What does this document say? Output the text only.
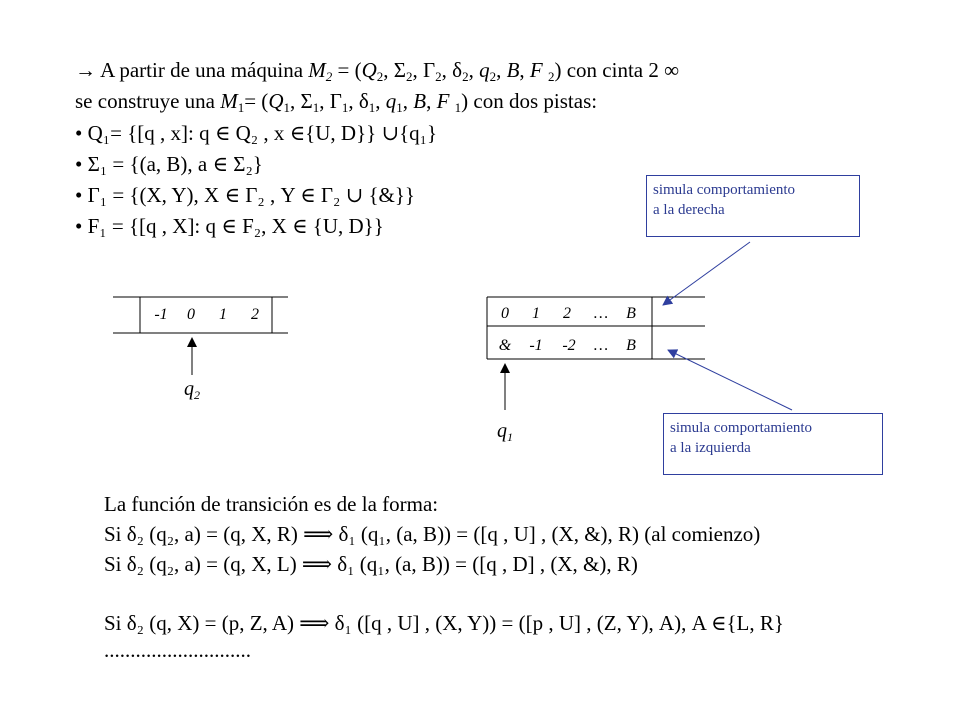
→ A partir de una máquina $M_2 = (Q_2$, $\Sigma_2$, $\Gamma_2$, $\delta_2$, $q_2$, B, F $_2$) con cinta 2 ∞
se construye una $M_1= (Q_1$, $\Sigma_1$, $\Gamma_1$, $\delta_1$, $q_1$, B, F $_1$) con dos pistas:
• Q₁= {[q , x]: q ∈ Q₂ , x ∈{U, D}} ∪{q₁}
• Σ₁ = {(a, B), a ∈ Σ₂}
• Γ₁ = {(X, Y), X ∈ Γ₂ , Y ∈ Γ₂ ∪ {&}}
• F₁ = {[q , X]: q ∈ F₂, X ∈ {U, D}}
-1	0	1	2
$q_2$
0	1	2	…	B
& -1 -2 …	B
$q_1$
simula comportamiento
a la derecha
simula comportamiento
a la izquierda
La función de transición es de la forma:
Si δ₂ (q₂, a) = (q, X, R) ⟹ δ₁ (q₁, (a, B)) = ([q , U] , (X, &), R) (al comienzo)
Si δ₂ (q₂, a) = (q, X, L) ⟹ δ₁ (q₁, (a, B)) = ([q , D] , (X, &), R)
Si δ₂ (q, X) = (p, Z, A) ⟹ δ₁ ([q , U] , (X, Y)) = ([p , U] , (Z, Y), A), A ∈{L, R}
............................
